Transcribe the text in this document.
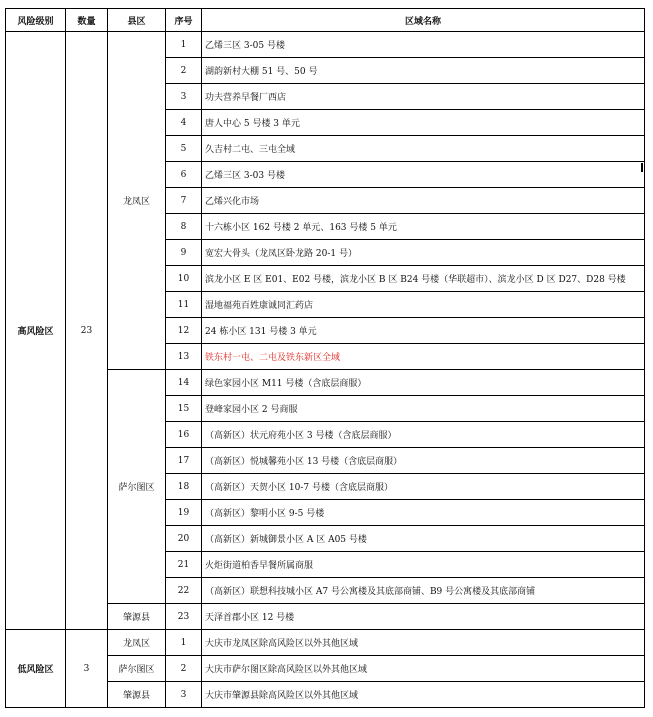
风险级别	数量	县区	序号	区域名称
高风险区	23	龙凤区	1	乙烯三区 3-05 号楼
			2	湖韵新村大棚 51 号、50 号
			3	功夫营养早餐厂西店
			4	唐人中心 5 号楼 3 单元
			5	久吉村二屯、三屯全域
			6	乙烯三区 3-03 号楼
			7	乙烯兴化市场
			8	十六栋小区 162 号楼 2 单元、163 号楼 5 单元
			9	宽宏大骨头（龙凤区卧龙路 20-1 号）
			10	滨龙小区 E 区 E01、E02 号楼，滨龙小区 B 区 B24 号楼（华联超市）、滨龙小区 D 区 D27、D28 号楼
			11	湿地福苑百姓康诚同汇药店
			12	24 栋小区 131 号楼 3 单元
			13	铁东村一屯、二屯及铁东新区全域
		萨尔图区	14	绿色家园小区 M11 号楼（含底层商服）
			15	登峰家园小区 2 号商服
			16	（高新区）状元府苑小区 3 号楼（含底层商服）
			17	（高新区）悦城馨苑小区 13 号楼（含底层商服）
			18	（高新区）天贺小区 10-7 号楼（含底层商服）
			19	（高新区）黎明小区 9-5 号楼
			20	（高新区）新城御景小区 A 区 A05 号楼
			21	火炬街道柏香早餐所属商服
			22	（高新区）联想科技城小区 A7 号公寓楼及其底部商铺、B9 号公寓楼及其底部商铺
		肇源县	23	天泽首郡小区 12 号楼
低风险区	3	龙凤区	1	大庆市龙凤区除高风险区以外其他区域
		萨尔图区	2	大庆市萨尔图区除高风险区以外其他区域
		肇源县	3	大庆市肇源县除高风险区以外其他区域
